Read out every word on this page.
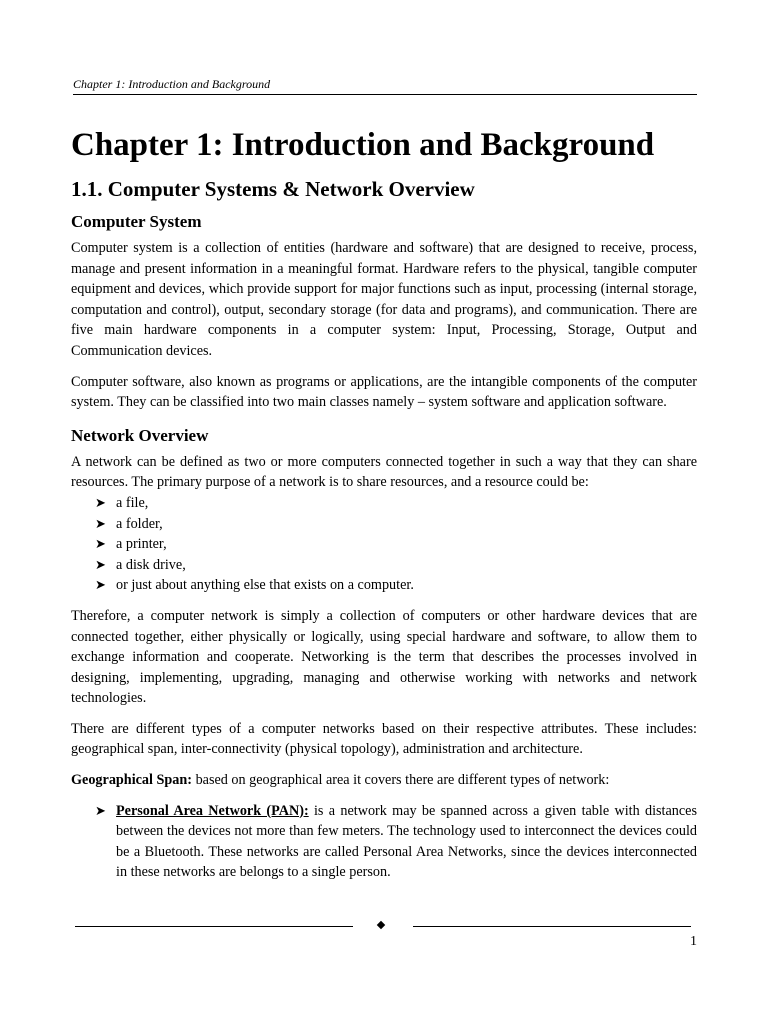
Chapter 1: Introduction and Background
Chapter 1: Introduction and Background
1.1. Computer Systems & Network Overview
Computer System

Computer system is a collection of entities (hardware and software) that are designed to receive, process, manage and present information in a meaningful format. Hardware refers to the physical, tangible computer equipment and devices, which provide support for major functions such as input, processing (internal storage, computation and control), output, secondary storage (for data and programs), and communication. There are five main hardware components in a computer system: Input, Processing, Storage, Output and Communication devices.

Computer software, also known as programs or applications, are the intangible components of the computer system. They can be classified into two main classes namely – system software and application software.

Network Overview

A network can be defined as two or more computers connected together in such a way that they can share resources. The primary purpose of a network is to share resources, and a resource could be:

➤ a file,
➤ a folder,
➤ a printer,
➤ a disk drive,
➤ or just about anything else that exists on a computer.

Therefore, a computer network is simply a collection of computers or other hardware devices that are connected together, either physically or logically, using special hardware and software, to allow them to exchange information and cooperate. Networking is the term that describes the processes involved in designing, implementing, upgrading, managing and otherwise working with networks and network technologies.

There are different types of a computer networks based on their respective attributes. These includes: geographical span, inter-connectivity (physical topology), administration and architecture.

Geographical Span: based on geographical area it covers there are different types of network:

➤ Personal Area Network (PAN): is a network may be spanned across a given table with distances between the devices not more than few meters. The technology used to interconnect the devices could be a Bluetooth. These networks are called Personal Area Networks, since the devices interconnected in these networks are belongs to a single person.
1
